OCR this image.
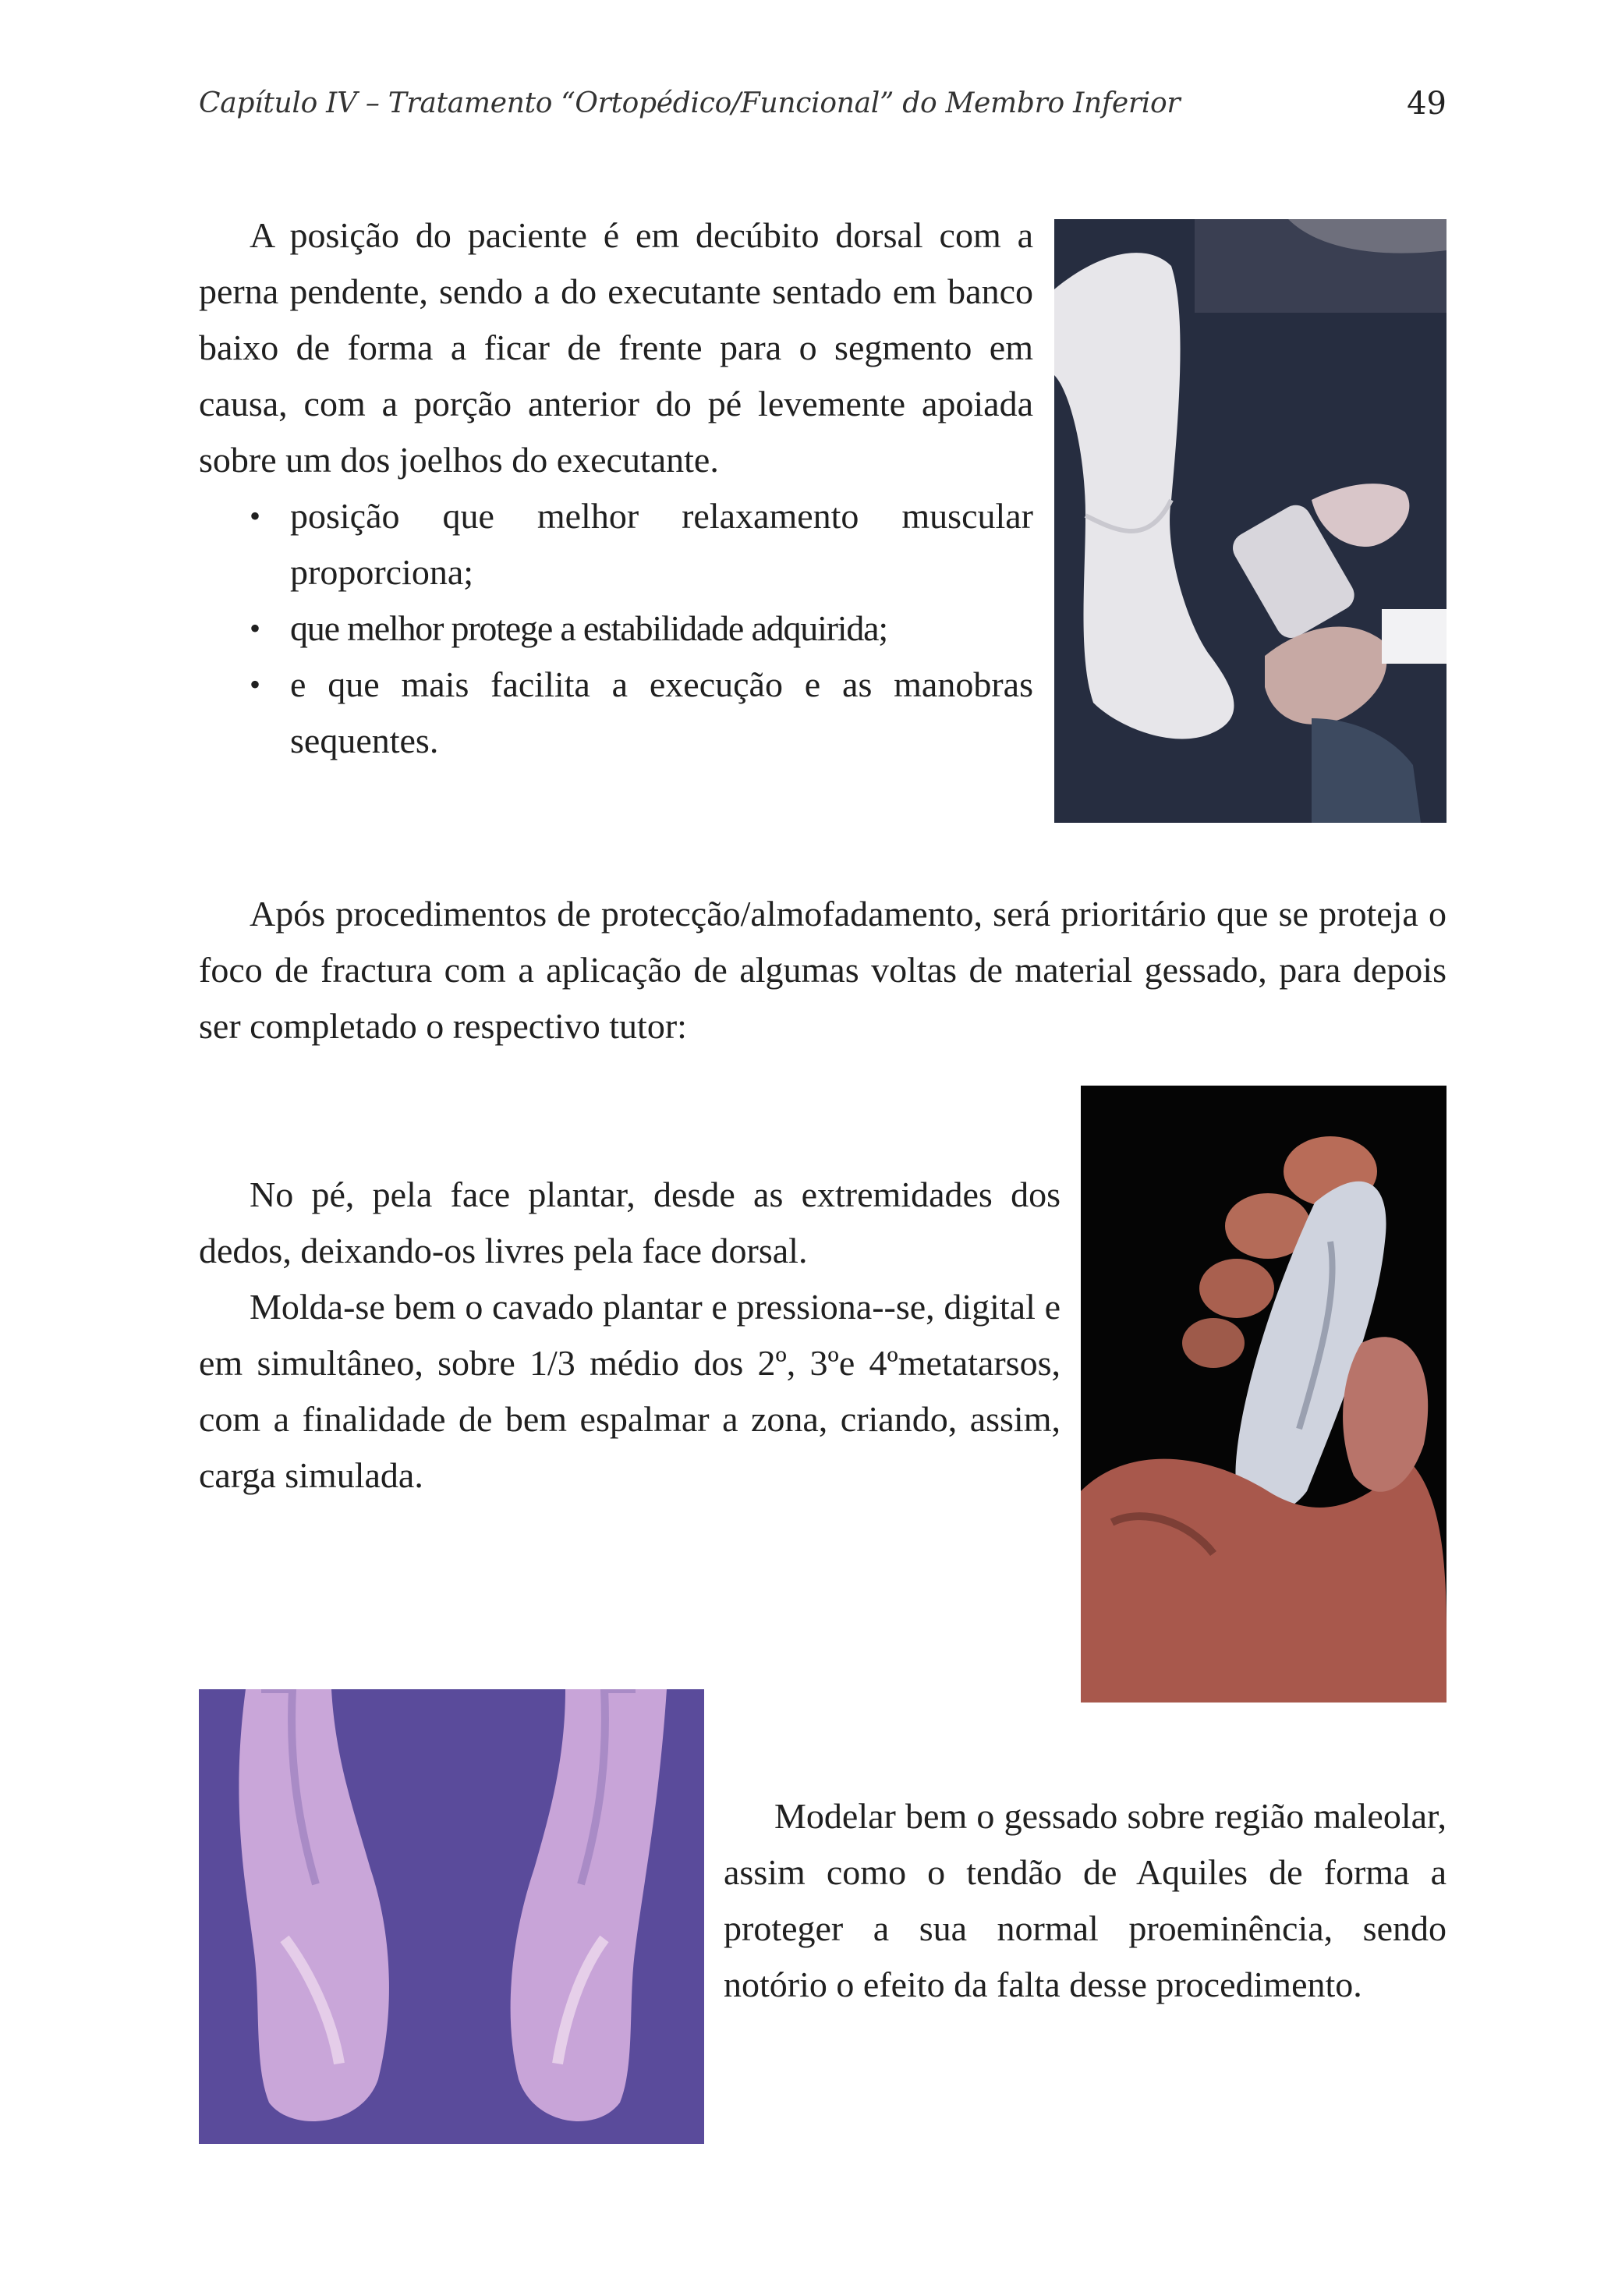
Capítulo IV – Tratamento “Ortopédico/Funcional” do Membro Inferior	49

A posição do paciente é em decúbito dorsal com a perna pendente, sendo a do executante sentado em banco baixo de forma a ficar de frente para o segmento em causa, com a porção anterior do pé levemente apoiada sobre um dos joelhos do executante.

• posição que melhor relaxamento muscular proporciona;
• que melhor protege a estabilidade adquirida;
• e que mais facilita a execução e as manobras sequentes.

Após procedimentos de protecção/almofadamento, será prioritário que se proteja o foco de fractura com a aplicação de algumas voltas de material gessado, para depois ser completado o respectivo tutor:

No pé, pela face plantar, desde as extremidades dos dedos, deixando-os livres pela face dorsal.

Molda-se bem o cavado plantar e pressiona--se, digital e em simultâneo, sobre 1/3 médio dos 2º, 3ºe 4ºmetatarsos, com a finalidade de bem espalmar a zona, criando, assim, carga simulada.

Modelar bem o gessado sobre região maleolar, assim como o tendão de Aquiles de forma a proteger a sua normal proeminência, sendo notório o efeito da falta desse procedimento.
